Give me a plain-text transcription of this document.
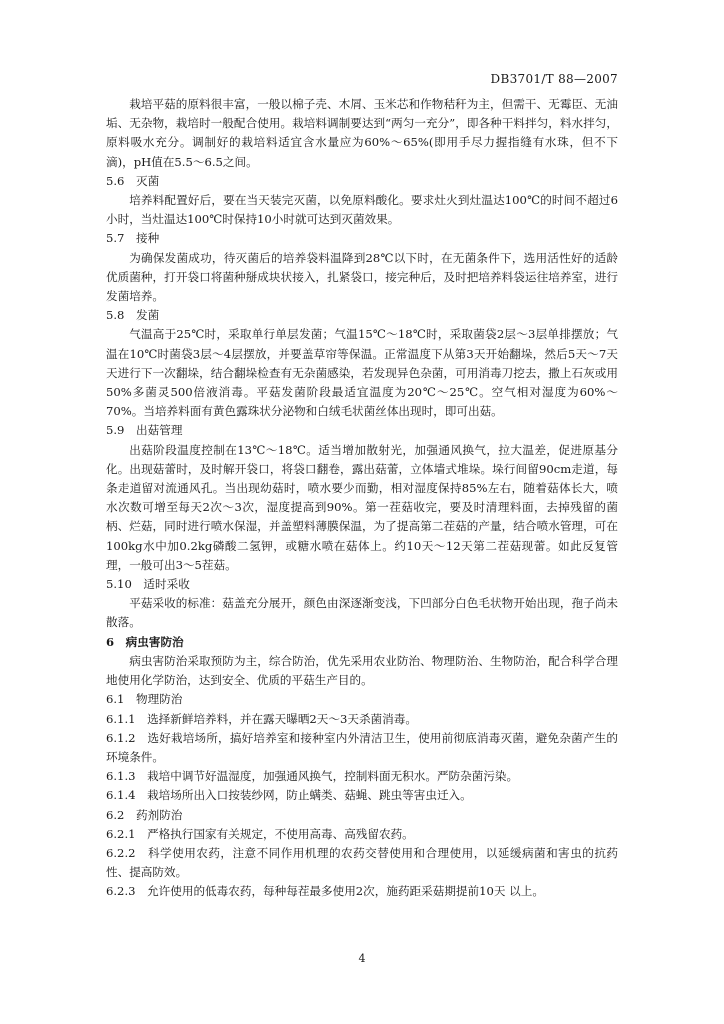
DB3701/T 88—2007

栽培平菇的原料很丰富，一般以棉子壳、木屑、玉米芯和作物秸秆为主，但需干、无霉臣、无油垢、无杂物，栽培时一般配合使用。栽培料调制要达到“两匀一充分”，即各种干料拌匀，料水拌匀，原料吸水充分。调制好的栽培料适宜含水量应为60%～65%(即用手尽力握指缝有水珠，但不下滴)，pH值在5.5～6.5之间。

5.6　灭菌

培养料配置好后，要在当天装完灭菌，以免原料酸化。要求灶火到灶温达100℃的时间不超过6小时，当灶温达100℃时保持10小时就可达到灭菌效果。

5.7　接种

为确保发菌成功，待灭菌后的培养袋料温降到28℃以下时，在无菌条件下，选用活性好的适龄优质菌种，打开袋口将菌种掰成块状接入，扎紧袋口，接完种后，及时把培养料袋运往培养室，进行发菌培养。

5.8　发菌

气温高于25℃时，采取单行单层发菌；气温15℃～18℃时，采取菌袋2层～3层单排摆放；气温在10℃时菌袋3层～4层摆放，并要盖草帘等保温。正常温度下从第3天开始翻垛，然后5天～7天天进行下一次翻垛，结合翻垛检查有无杂菌感染，若发现异色杂菌，可用消毒刀挖去，撒上石灰或用50%多菌灵500倍液消毒。平菇发菌阶段最适宜温度为20℃～25℃。空气相对湿度为60%～70%。当培养料面有黄色露珠状分泌物和白绒毛状菌丝体出现时，即可出菇。

5.9　出菇管理

出菇阶段温度控制在13℃～18℃。适当增加散射光，加强通风换气，拉大温差，促进原基分化。出现菇蕾时，及时解开袋口，将袋口翻卷，露出菇蕾，立体墙式堆垛。垛行间留90cm走道，每条走道留对流通风孔。当出现幼菇时，喷水要少而勤，相对湿度保持85%左右，随着菇体长大，喷水次数可增至每天2次～3次，湿度提高到90%。第一茬菇收完，要及时清理料面，去掉残留的菌柄、烂菇，同时进行喷水保湿，并盖塑料薄膜保温，为了提高第二茬菇的产量，结合喷水管理，可在100kg水中加0.2kg磷酸二氢钾，或糖水喷在菇体上。约10天～12天第二茬菇现蕾。如此反复管理，一般可出3～5茬菇。

5.10　适时采收

平菇采收的标准：菇盖充分展开，颜色由深逐渐变浅，下凹部分白色毛状物开始出现，孢子尚未散落。

6　病虫害防治

病虫害防治采取预防为主，综合防治，优先采用农业防治、物理防治、生物防治，配合科学合理地使用化学防治，达到安全、优质的平菇生产目的。

6.1　物理防治

6.1.1　选择新鲜培养料，并在露天曝晒2天～3天杀菌消毒。

6.1.2　选好栽培场所，搞好培养室和接种室内外清洁卫生，使用前彻底消毒灭菌，避免杂菌产生的环境条件。

6.1.3　栽培中调节好温湿度，加强通风换气，控制料面无积水。严防杂菌污染。

6.1.4　栽培场所出入口按装纱网，防止螨类、菇蝇、跳虫等害虫迁入。

6.2　药剂防治

6.2.1　严格执行国家有关规定，不使用高毒、高残留农药。

6.2.2　科学使用农药，注意不同作用机理的农药交替使用和合理使用，以延缓病菌和害虫的抗药性、提高防效。

6.2.3　允许使用的低毒农药，每种每茬最多使用2次，施药距采菇期提前10天 以上。

4
